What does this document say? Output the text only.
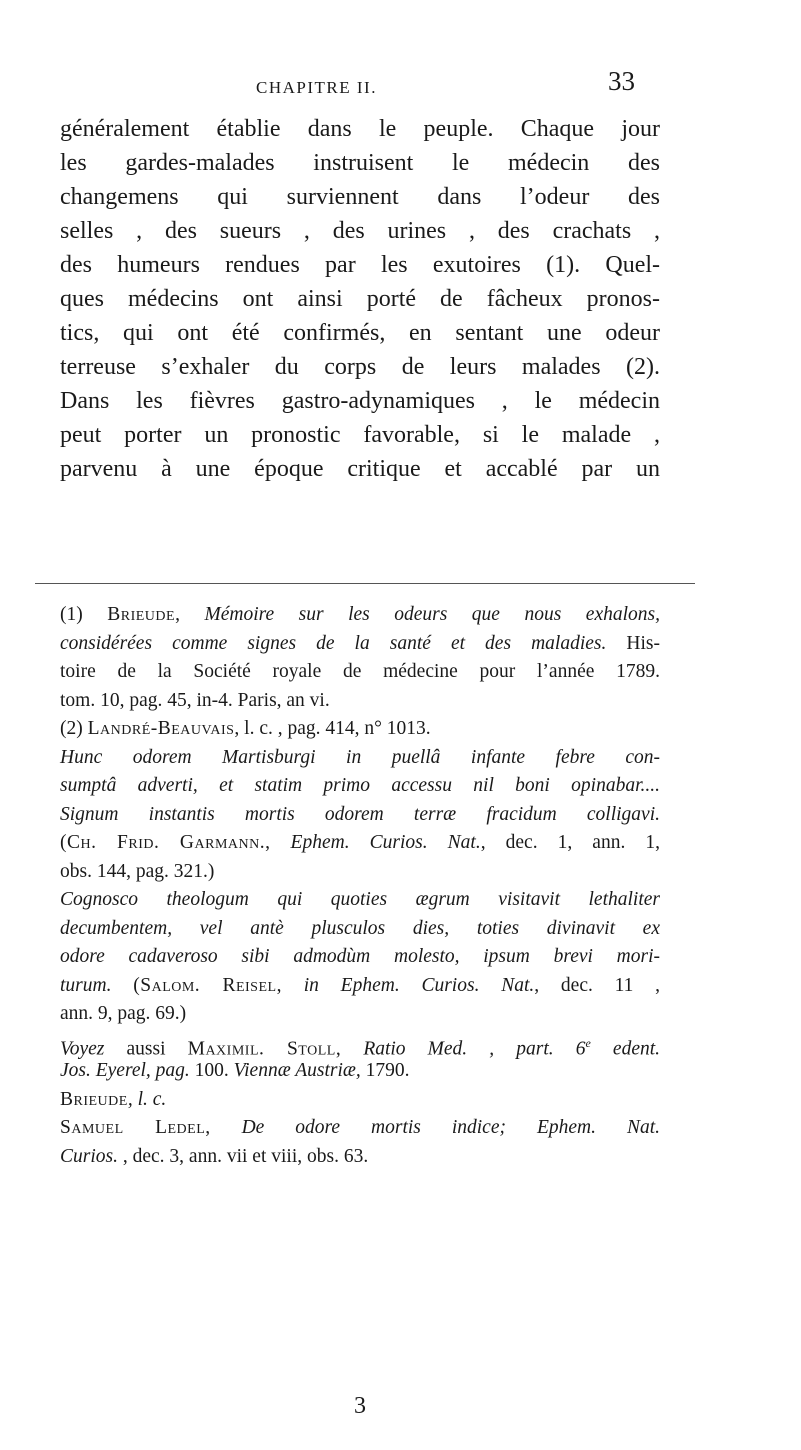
CHAPITRE II.	33
généralement établie dans le peuple. Chaque jour
les gardes-malades instruisent le médecin des
changemens qui surviennent dans l’odeur des
selles , des sueurs , des urines , des crachats ,
des humeurs rendues par les exutoires (1). Quel-
ques médecins ont ainsi porté de fâcheux pronos-
tics, qui ont été confirmés, en sentant une odeur
terreuse s’exhaler du corps de leurs malades (2).
Dans les fièvres gastro-adynamiques , le médecin
peut porter un pronostic favorable, si le malade ,
parvenu à une époque critique et accablé par un
(1) Brieude, Mémoire sur les odeurs que nous exhalons,
considérées comme signes de la santé et des maladies. His-
toire de la Société royale de médecine pour l’année 1789.
tom. 10, pag. 45, in-4. Paris, an vi.
(2) Landré-Beauvais, l. c. , pag. 414, n° 1013.
Hunc odorem Martisburgi in puellâ infante febre con-
sumptâ adverti, et statim primo accessu nil boni opinabar....
Signum instantis mortis odorem terræ fracidum colligavi.
(Ch. Frid. Garmann., Ephem. Curios. Nat., dec. 1, ann. 1,
obs. 144, pag. 321.)
Cognosco theologum qui quoties ægrum visitavit lethaliter
decumbentem, vel antè plusculos dies, toties divinavit ex
odore cadaveroso sibi admodùm molesto, ipsum brevi mori-
turum. (Salom. Reisel, in Ephem. Curios. Nat., dec. 11 ,
ann. 9, pag. 69.)
Voyez aussi Maximil. Stoll, Ratio Med. , part. 6e edent.
Jos. Eyerel, pag. 100. Viennæ Austriæ, 1790.
Brieude, l. c.
Samuel Ledel, De odore mortis indice; Ephem. Nat.
Curios. , dec. 3, ann. vii et viii, obs. 63.
3
